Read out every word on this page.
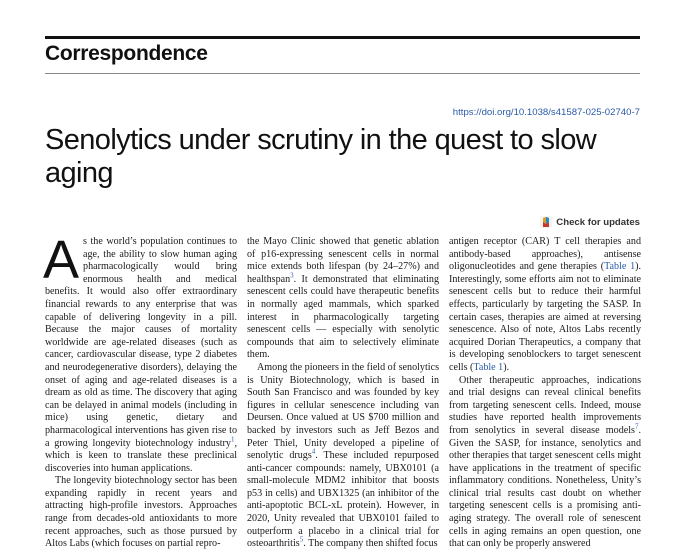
Correspondence
https://doi.org/10.1038/s41587-025-02740-7
Senolytics under scrutiny in the quest to slow aging
Check for updates

As the world’s population continues to age, the ability to slow human aging pharmacologically would bring enormous health and medical benefits. It would also offer extraordinary financial rewards to any enterprise that was capable of delivering longevity in a pill. Because the major causes of mortality worldwide are age-related diseases (such as cancer, cardiovascular disease, type 2 diabetes and neurodegenerative disorders), delaying the onset of aging and age-related diseases is a dream as old as time. The discovery that aging can be delayed in animal models (including in mice) using genetic, dietary and pharmacological interventions has given rise to a growing longevity biotechnology industry$^1$, which is keen to translate these preclinical discoveries into human applications.

The longevity biotechnology sector has been expanding rapidly in recent years and attracting high-profile investors. Approaches range from decades-old antioxidants to more recent approaches, such as those pursued by Altos Labs (which focuses on partial repro-

the Mayo Clinic showed that genetic ablation of p16-expressing senescent cells in normal mice extends both lifespan (by 24–27%) and healthspan$^3$. It demonstrated that eliminating senescent cells could have therapeutic benefits in normally aged mammals, which sparked interest in pharmacologically targeting senescent cells — especially with senolytic compounds that aim to selectively eliminate them.

Among the pioneers in the field of senolytics is Unity Biotechnology, which is based in South San Francisco and was founded by key figures in cellular senescence including van Deursen. Once valued at US $700 million and backed by investors such as Jeff Bezos and Peter Thiel, Unity developed a pipeline of senolytic drugs$^4$. These included repurposed anti-cancer compounds: namely, UBX0101 (a small-molecule MDM2 inhibitor that boosts p53 in cells) and UBX1325 (an inhibitor of the anti-apoptotic BCL-xL protein). However, in 2020, Unity revealed that UBX0101 failed to outperform a placebo in a clinical trial for osteoarthritis$^5$. The company then shifted focus

antigen receptor (CAR) T cell therapies and antibody-based approaches), antisense oligonucleotides and gene therapies (Table 1). Interestingly, some efforts aim not to eliminate senescent cells but to reduce their harmful effects, particularly by targeting the SASP. In certain cases, therapies are aimed at reversing senescence. Also of note, Altos Labs recently acquired Dorian Therapeutics, a company that is developing senoblockers to target senescent cells (Table 1).

Other therapeutic approaches, indications and trial designs can reveal clinical benefits from targeting senescent cells. Indeed, mouse studies have reported health improvements from senolytics in several disease models$^7$. Given the SASP, for instance, senolytics and other therapies that target senescent cells might have applications in the treatment of specific inflammatory conditions. Nonetheless, Unity’s clinical trial results cast doubt on whether targeting senescent cells is a promising anti-aging strategy. The overall role of senescent cells in aging remains an open question, one that can only be properly answered
